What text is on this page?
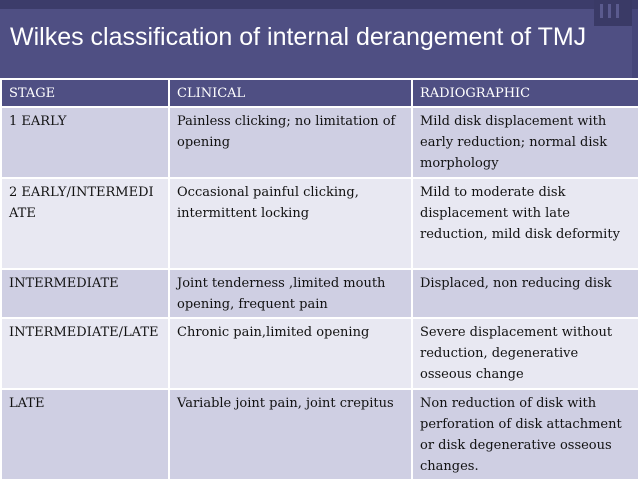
Wilkes classification of internal derangement of TMJ
STAGE	CLINICAL	RADIOGRAPHIC
1 EARLY	Painless clicking; no limitation of opening	Mild disk displacement with early reduction; normal disk morphology
2 EARLY/INTERMEDIATE	Occasional painful clicking, intermittent locking	Mild to moderate disk displacement with late reduction, mild disk deformity
INTERMEDIATE	Joint tenderness ,limited mouth opening, frequent pain	Displaced, non reducing disk
INTERMEDIATE/LATE	Chronic pain,limited opening	Severe displacement without reduction, degenerative osseous change
LATE	Variable joint pain, joint crepitus	Non reduction of disk with perforation of disk attachment or disk degenerative osseous changes.
